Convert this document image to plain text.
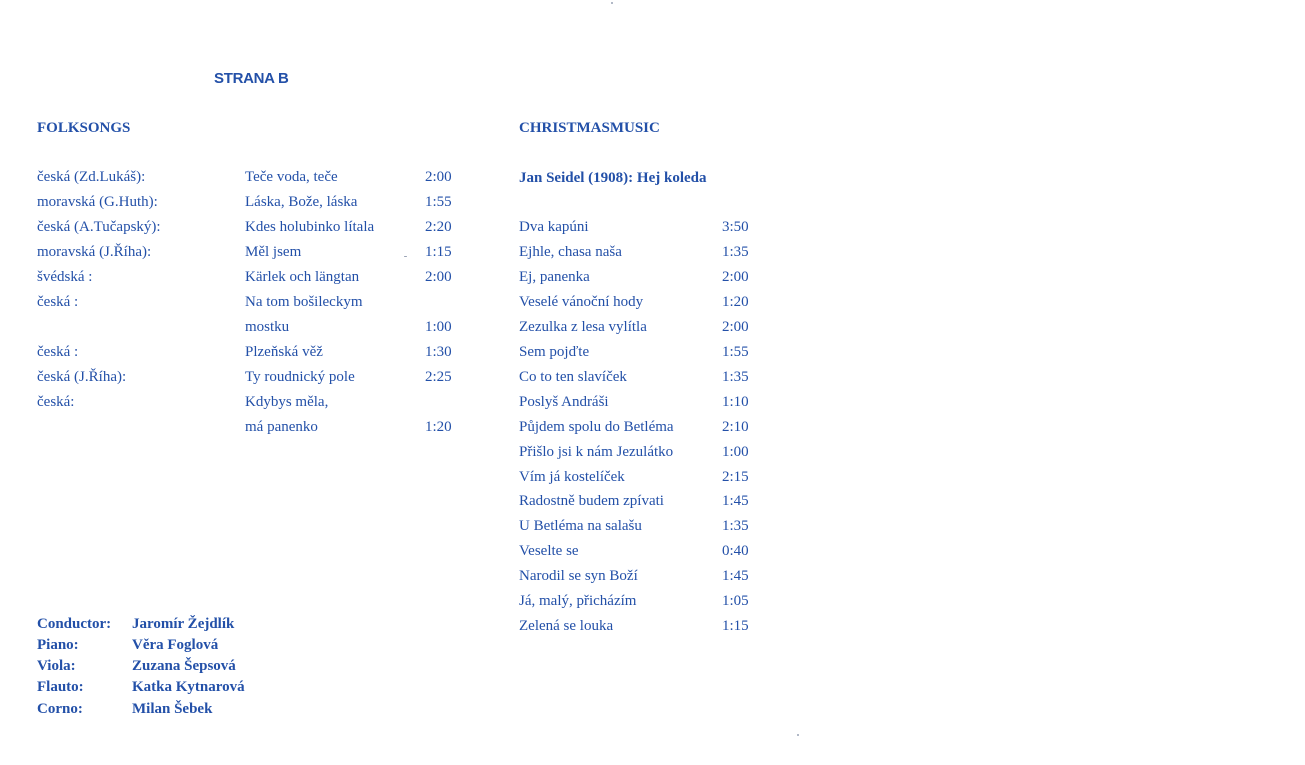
STRANA B
FOLKSONGS
česká (Zd.Lukáš):	Teče voda, teče	2:00
moravská (G.Huth):	Láska, Bože, láska	1:55
česká (A.Tučapský):	Kdes holubinko lítala	2:20
moravská (J.Říha):	Měl jsem	1:15
švédská :	Kärlek och längtan	2:00
česká :	Na tom bošileckym
mostku	1:00
česká :	Plzeňská věž	1:30
česká (J.Říha):	Ty roudnický pole	2:25
česká:	Kdybys měla,
má panenko	1:20
CHRISTMASMUSIC
Jan Seidel (1908): Hej koleda
Dva kapúni	3:50
Ejhle, chasa naša	1:35
Ej, panenka	2:00
Veselé vánoční hody	1:20
Zezulka z lesa vylítla	2:00
Sem pojďte	1:55
Co to ten slavíček	1:35
Poslyš Andráši	1:10
Půjdem spolu do Betléma	2:10
Přišlo jsi k nám Jezulátko	1:00
Vím já kostelíček	2:15
Radostně budem zpívati	1:45
U Betléma na salašu	1:35
Veselte se	0:40
Narodil se syn Boží	1:45
Já, malý, přicházím	1:05
Zelená se louka	1:15
Conductor: Jaromír Žejdlík
Piano:	Věra Foglová
Viola:	Zuzana Šepsová
Flauto:	Katka Kytnarová
Corno:	Milan Šebek
